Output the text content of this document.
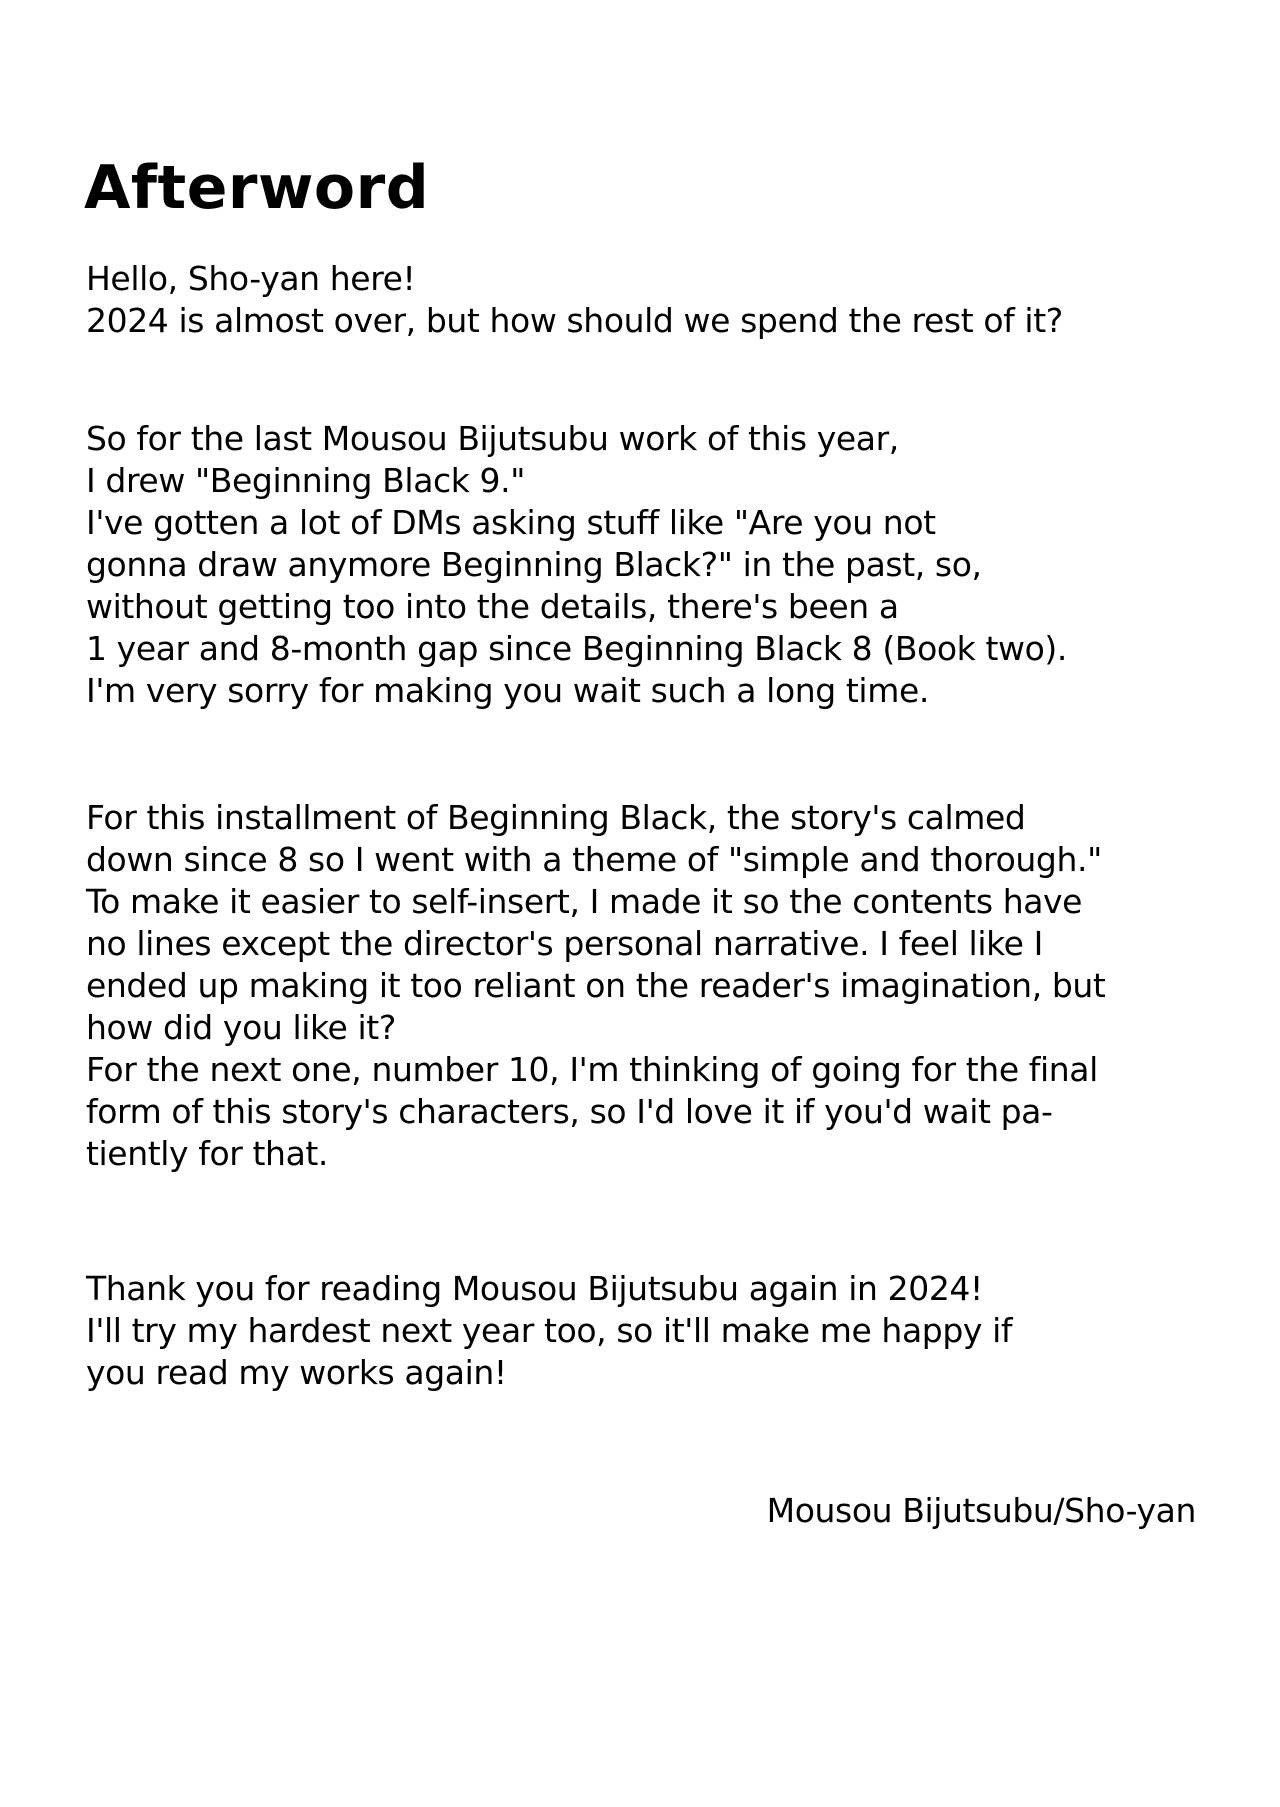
Afterword

Hello, Sho-yan here!
2024 is almost over, but how should we spend the rest of it?

So for the last Mousou Bijutsubu work of this year,
I drew "Beginning Black 9."
I've gotten a lot of DMs asking stuff like "Are you not
gonna draw anymore Beginning Black?" in the past, so,
without getting too into the details, there's been a
1 year and 8-month gap since Beginning Black 8 (Book two).
I'm very sorry for making you wait such a long time.

For this installment of Beginning Black, the story's calmed
down since 8 so I went with a theme of "simple and thorough."
To make it easier to self-insert, I made it so the contents have
no lines except the director's personal narrative. I feel like I
ended up making it too reliant on the reader's imagination, but
how did you like it?
For the next one, number 10, I'm thinking of going for the final
form of this story's characters, so I'd love it if you'd wait pa-
tiently for that.

Thank you for reading Mousou Bijutsubu again in 2024!
I'll try my hardest next year too, so it'll make me happy if
you read my works again!

Mousou Bijutsubu/Sho-yan
